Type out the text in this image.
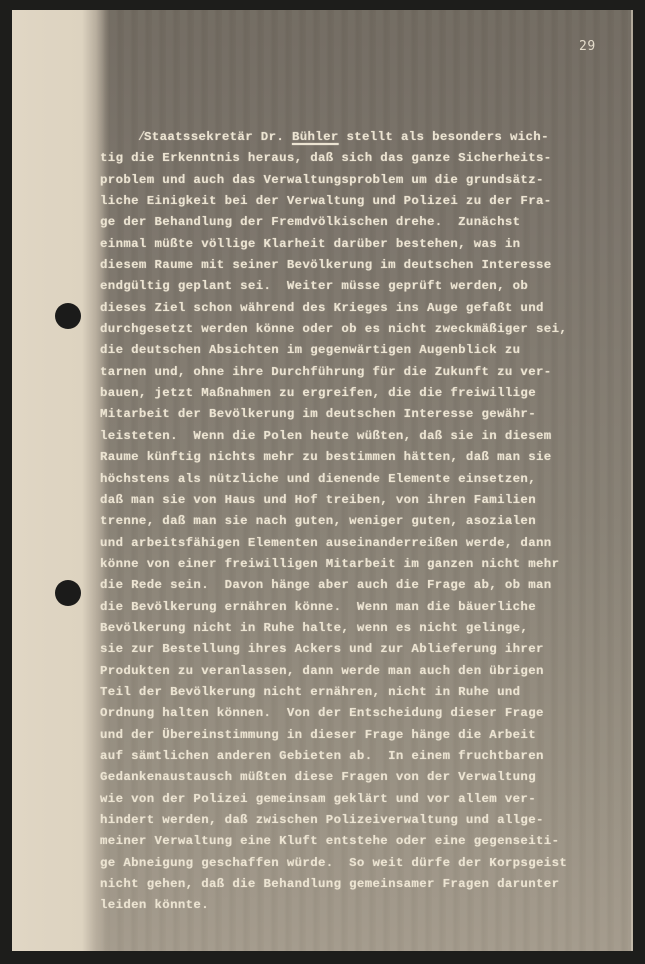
29
/Staatssekretär Dr. Bühler stellt als besonders wich-
tig die Erkenntnis heraus, daß sich das ganze Sicherheits-
problem und auch das Verwaltungsproblem um die grundsätz-
liche Einigkeit bei der Verwaltung und Polizei zu der Fra-
ge der Behandlung der Fremdvölkischen drehe.  Zunächst
einmal müßte völlige Klarheit darüber bestehen, was in
diesem Raume mit seiner Bevölkerung im deutschen Interesse
endgültig geplant sei.  Weiter müsse geprüft werden, ob
dieses Ziel schon während des Krieges ins Auge gefaßt und
durchgesetzt werden könne oder ob es nicht zweckmäßiger sei,
die deutschen Absichten im gegenwärtigen Augenblick zu
tarnen und, ohne ihre Durchführung für die Zukunft zu ver-
bauen, jetzt Maßnahmen zu ergreifen, die die freiwillige
Mitarbeit der Bevölkerung im deutschen Interesse gewähr-
leisteten.  Wenn die Polen heute wüßten, daß sie in diesem
Raume künftig nichts mehr zu bestimmen hätten, daß man sie
höchstens als nützliche und dienende Elemente einsetzen,
daß man sie von Haus und Hof treiben, von ihren Familien
trenne, daß man sie nach guten, weniger guten, asozialen
und arbeitsfähigen Elementen auseinanderreißen werde, dann
könne von einer freiwilligen Mitarbeit im ganzen nicht mehr
die Rede sein.  Davon hänge aber auch die Frage ab, ob man
die Bevölkerung ernähren könne.  Wenn man die bäuerliche
Bevölkerung nicht in Ruhe halte, wenn es nicht gelinge,
sie zur Bestellung ihres Ackers und zur Ablieferung ihrer
Produkten zu veranlassen, dann werde man auch den übrigen
Teil der Bevölkerung nicht ernähren, nicht in Ruhe und
Ordnung halten können.  Von der Entscheidung dieser Frage
und der Übereinstimmung in dieser Frage hänge die Arbeit
auf sämtlichen anderen Gebieten ab.  In einem fruchtbaren
Gedankenaustausch müßten diese Fragen von der Verwaltung
wie von der Polizei gemeinsam geklärt und vor allem ver-
hindert werden, daß zwischen Polizeiverwaltung und allge-
meiner Verwaltung eine Kluft entstehe oder eine gegenseiti-
ge Abneigung geschaffen würde.  So weit dürfe der Korpsgeist
nicht gehen, daß die Behandlung gemeinsamer Fragen darunter
leiden könnte.
